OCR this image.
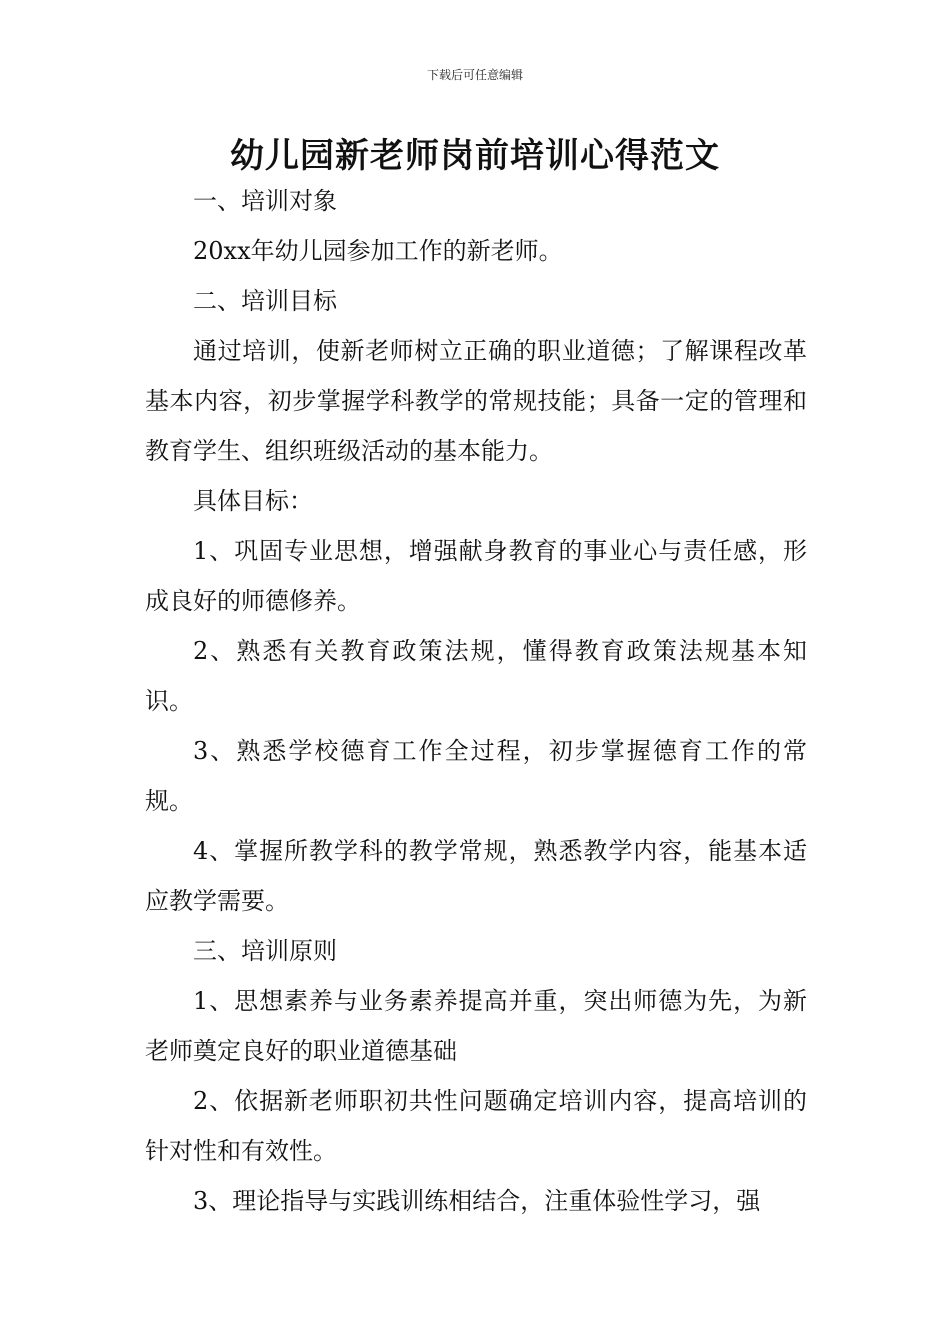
下载后可任意编辑
幼儿园新老师岗前培训心得范文

一、培训对象

20xx年幼儿园参加工作的新老师。

二、培训目标

通过培训，使新老师树立正确的职业道德；了解课程改革基本内容，初步掌握学科教学的常规技能；具备一定的管理和教育学生、组织班级活动的基本能力。

具体目标：

1、巩固专业思想，增强献身教育的事业心与责任感，形成良好的师德修养。

2、熟悉有关教育政策法规，懂得教育政策法规基本知识。

3、熟悉学校德育工作全过程，初步掌握德育工作的常规。

4、掌握所教学科的教学常规，熟悉教学内容，能基本适应教学需要。

三、培训原则

1、思想素养与业务素养提高并重，突出师德为先，为新老师奠定良好的职业道德基础

2、依据新老师职初共性问题确定培训内容，提高培训的针对性和有效性。

3、理论指导与实践训练相结合，注重体验性学习，强
